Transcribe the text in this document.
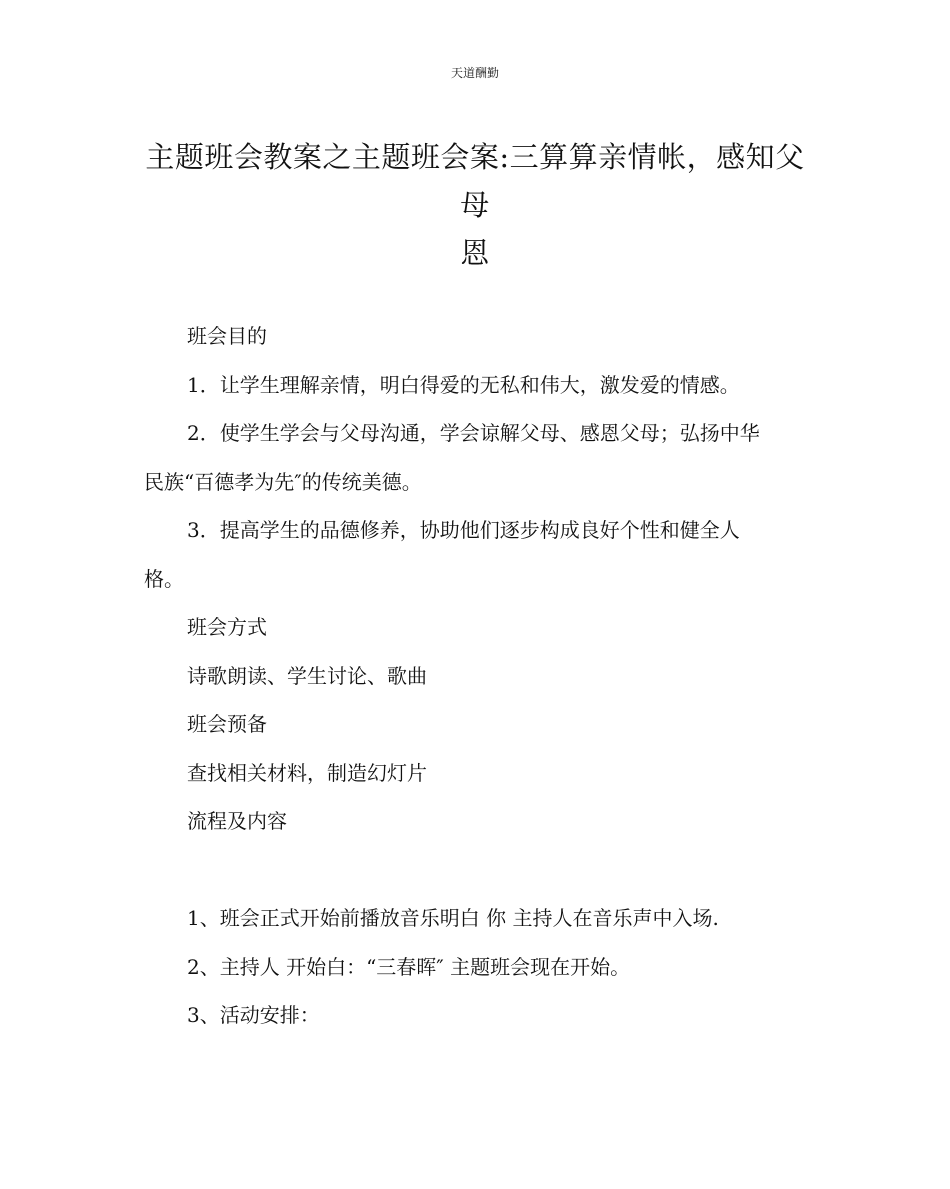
天道酬勤
主题班会教案之主题班会案:三算算亲情帐，感知父母
恩

班会目的

1．让学生理解亲情，明白得爱的无私和伟大，激发爱的情感。

2．使学生学会与父母沟通，学会谅解父母、感恩父母；弘扬中华
民族“百德孝为先″的传统美德。

3．提高学生的品德修养，协助他们逐步构成良好个性和健全人
格。

班会方式

诗歌朗读、学生讨论、歌曲

班会预备

查找相关材料，制造幻灯片

流程及内容

1、班会正式开始前播放音乐明白 你 主持人在音乐声中入场.

2、主持人 开始白：“三春晖″ 主题班会现在开始。

3、活动安排：
